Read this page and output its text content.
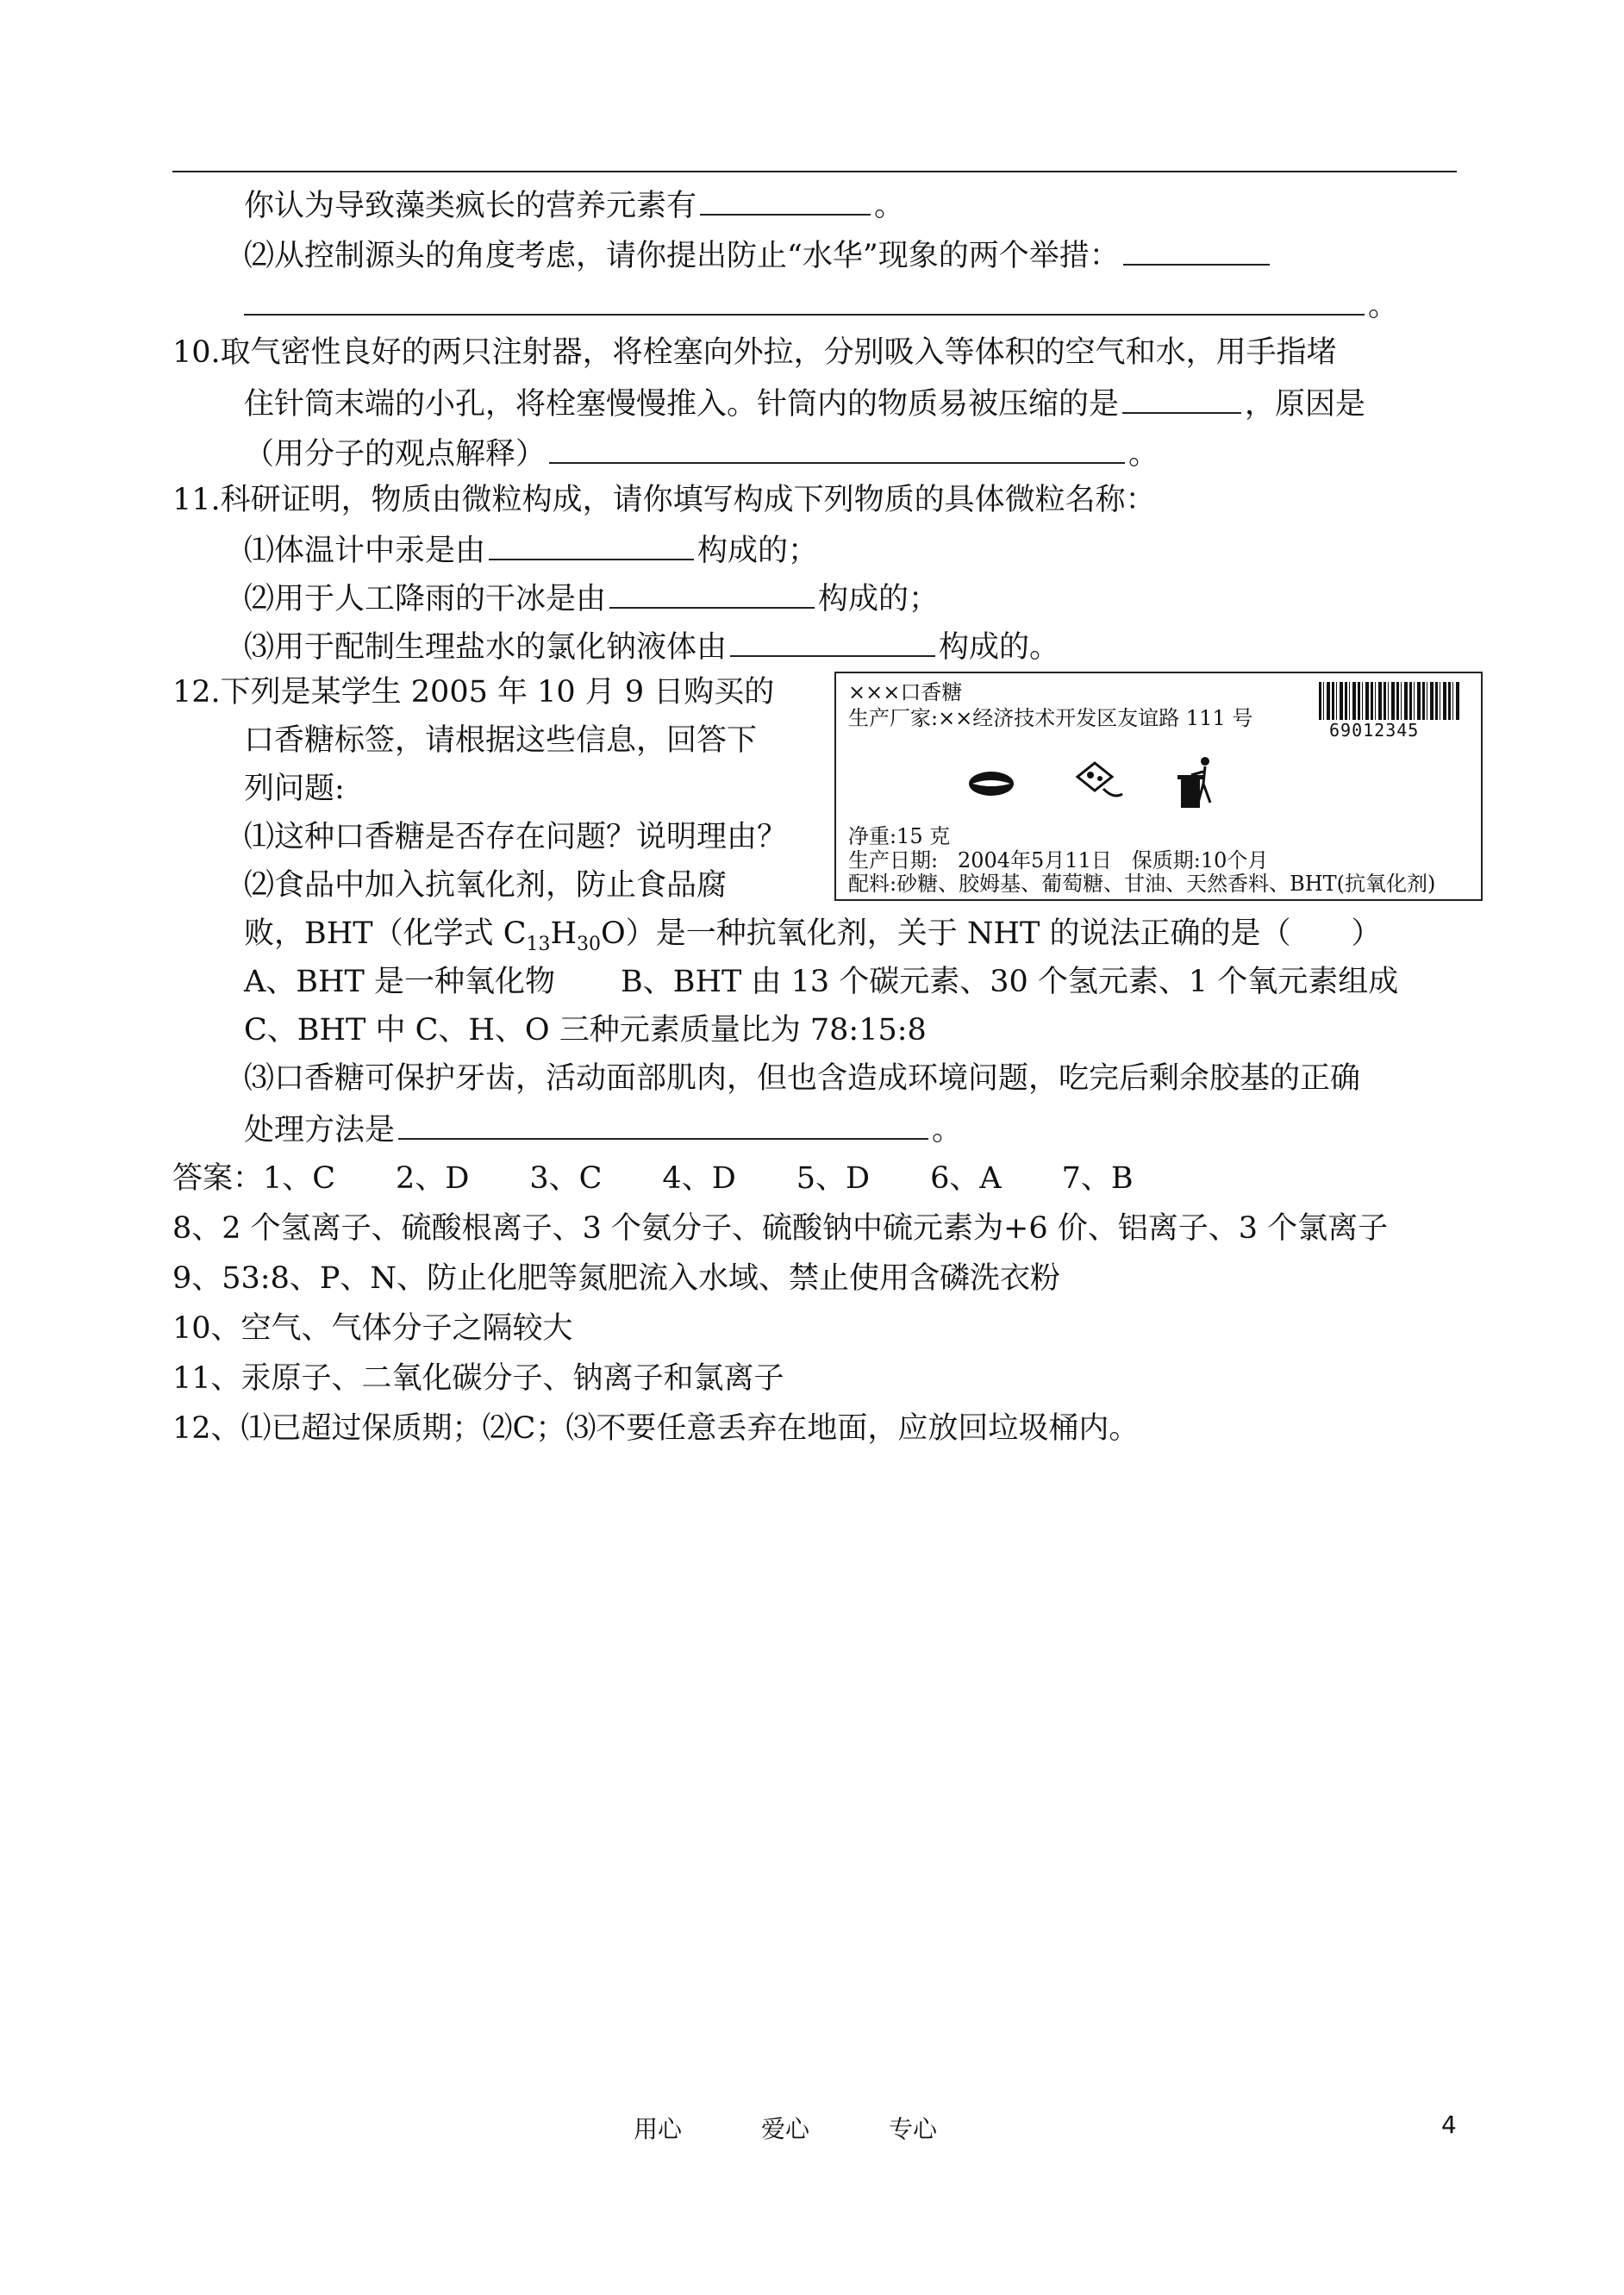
你认为导致藻类疯长的营养元素有	。
⑵从控制源头的角度考虑，请你提出防止“水华”现象的两个举措：
。
10.取气密性良好的两只注射器，将栓塞向外拉，分别吸入等体积的空气和水，用手指堵
住针筒末端的小孔，将栓塞慢慢推入。针筒内的物质易被压缩的是	，原因是
（用分子的观点解释）	。
11.科研证明，物质由微粒构成，请你填写构成下列物质的具体微粒名称：
⑴体温计中汞是由	构成的；
⑵用于人工降雨的干冰是由	构成的；
⑶用于配制生理盐水的氯化钠液体由	构成的。
12.下列是某学生 2005 年 10 月 9 日购买的
口香糖标签，请根据这些信息，回答下
列问题:
⑴这种口香糖是否存在问题？说明理由？
⑵食品中加入抗氧化剂，防止食品腐
败，BHT（化学式 $C_{13}H_{30}O$）是一种抗氧化剂，关于 NHT 的说法正确的是（　　）
A、BHT 是一种氧化物 B、BHT 由 13 个碳元素、30 个氢元素、1 个氧元素组成
C、BHT 中 C、H、O 三种元素质量比为 78:15:8
⑶口香糖可保护牙齿，活动面部肌肉，但也含造成环境问题，吃完后剩余胶基的正确
处理方法是	。
×××口香糖
生产厂家:××经济技术开发区友谊路 111 号	69012345
净重:15 克
生产日期: 2004年5月11日 保质期:10个月
配料:砂糖、胶姆基、葡萄糖、甘油、天然香料、BHT(抗氧化剂)
答案：1、C　　2、D　　3、C　　4、D　　5、D　　6、A　　7、B
8、2 个氢离子、硫酸根离子、3 个氨分子、硫酸钠中硫元素为+6 价、铝离子、3 个氯离子
9、53:8、P、N、防止化肥等氮肥流入水域、禁止使用含磷洗衣粉
10、空气、气体分子之隔较大
11、汞原子、二氧化碳分子、钠离子和氯离子
12、⑴已超过保质期；⑵C；⑶不要任意丢弃在地面，应放回垃圾桶内。
用心	爱心	专心	4
